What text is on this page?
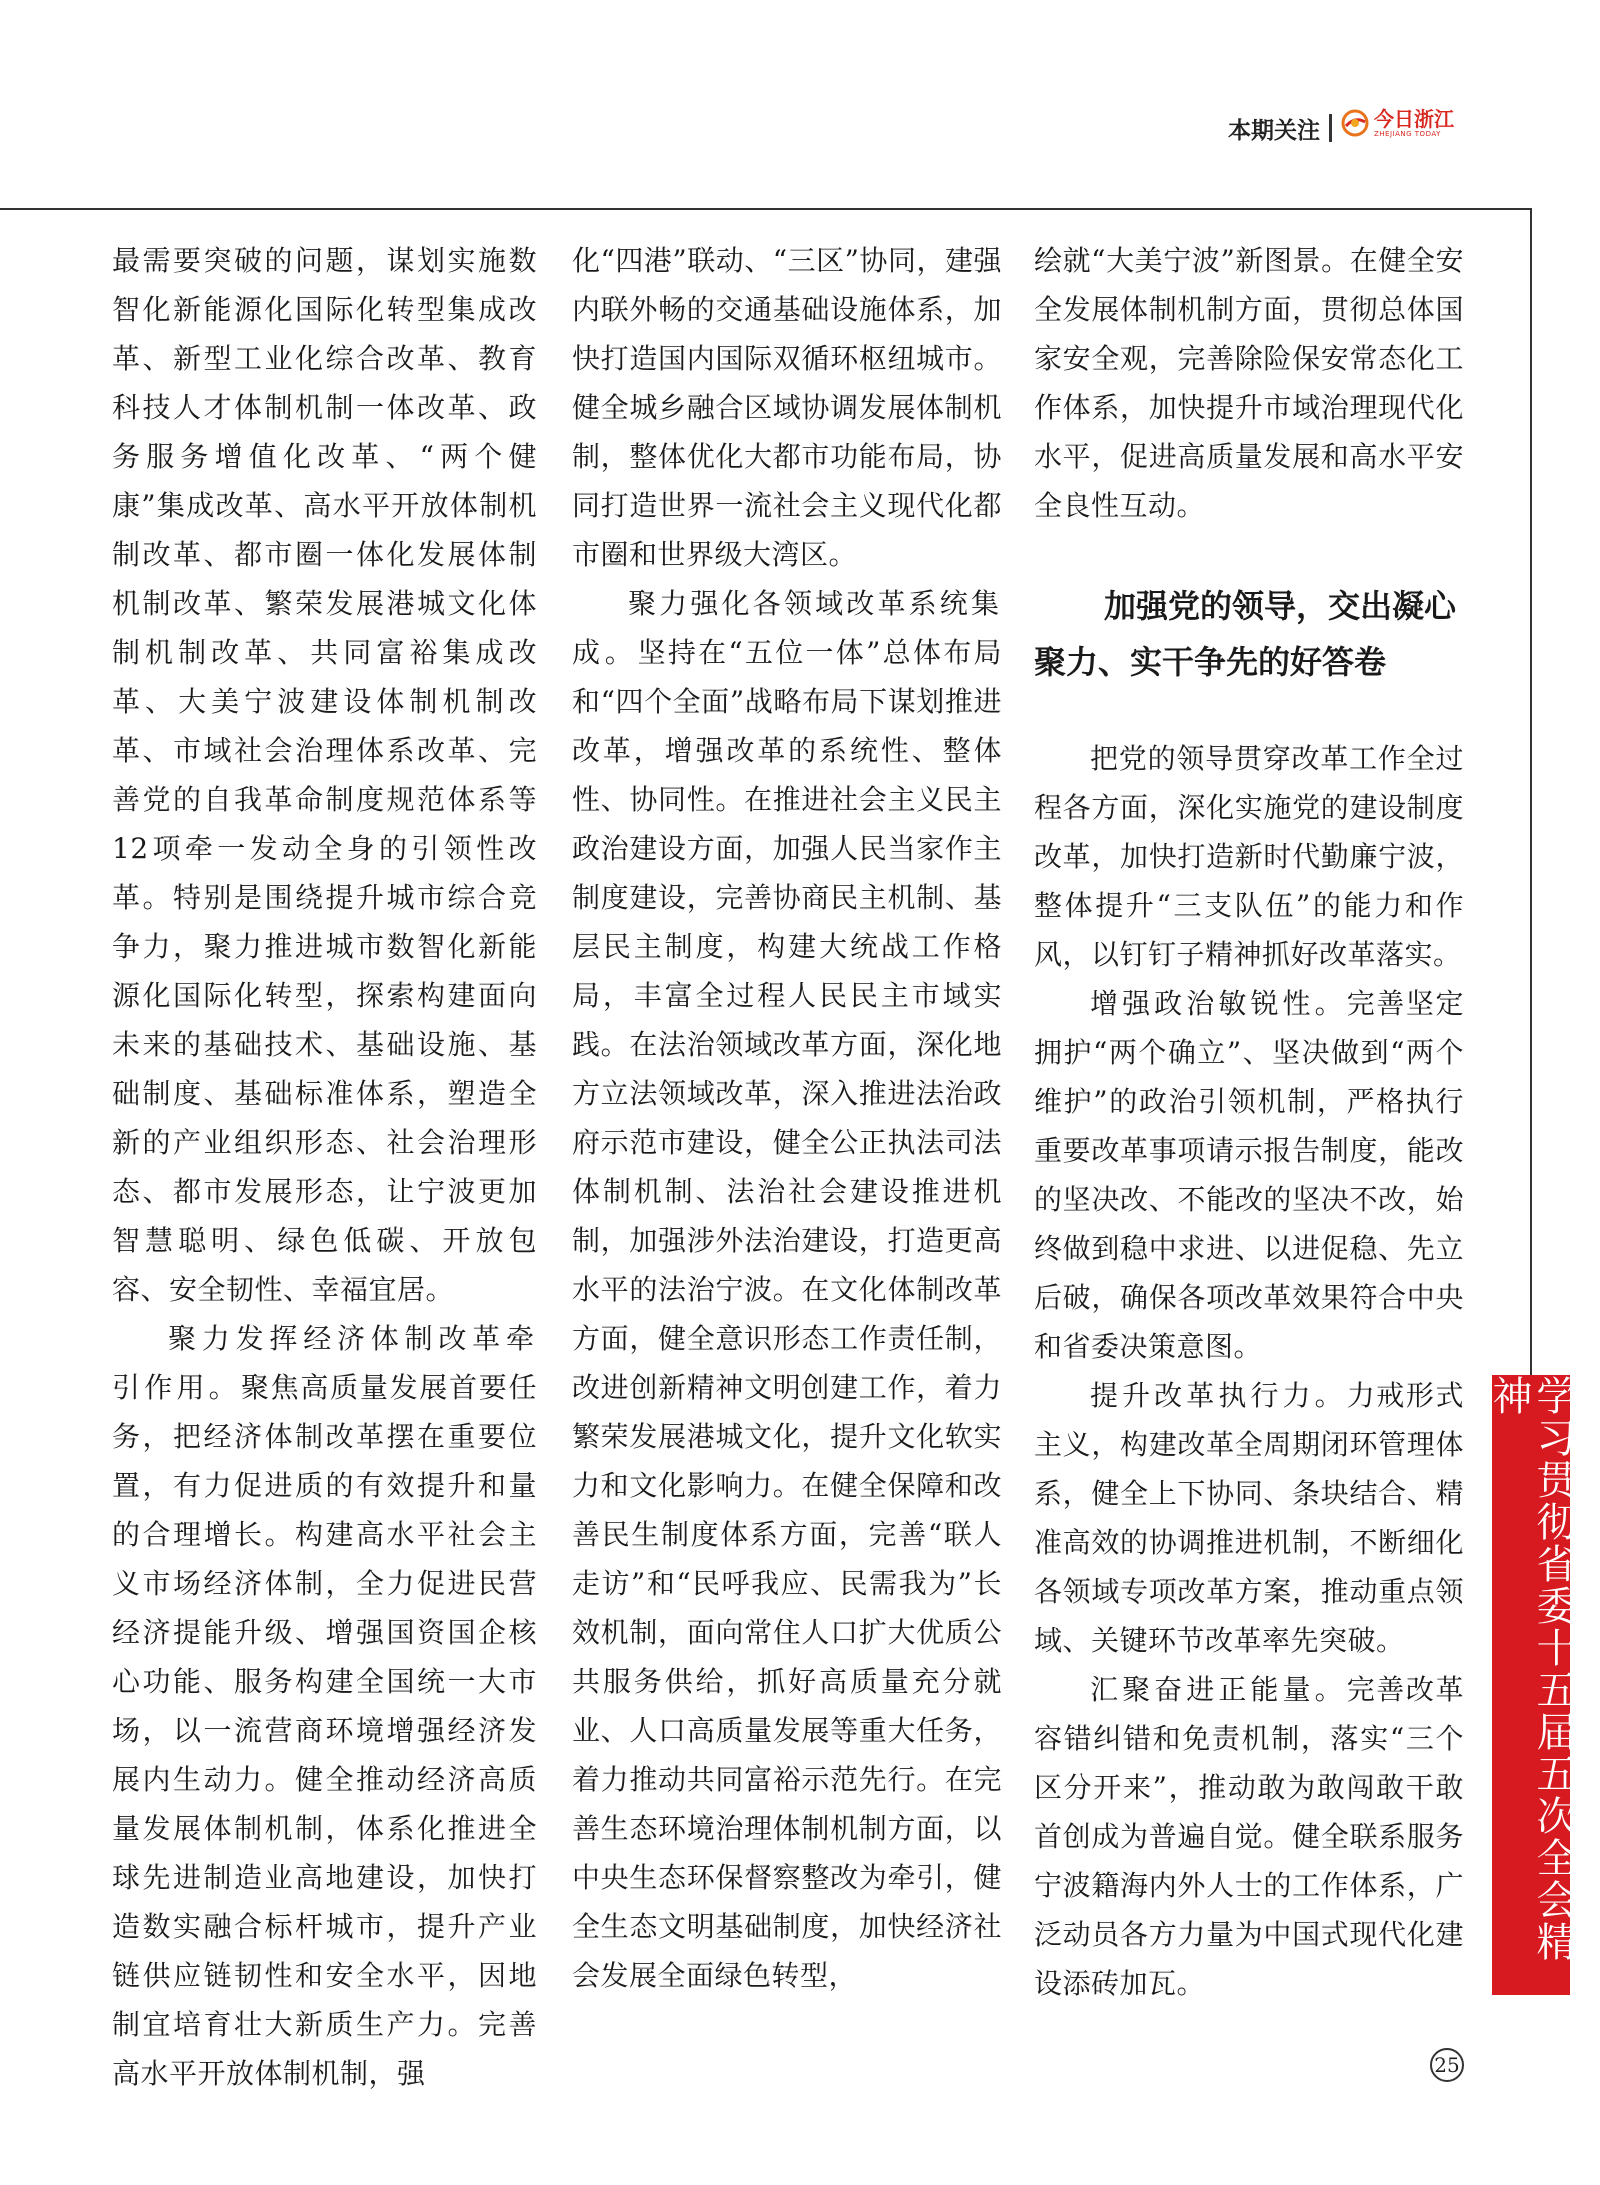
本期关注	今日浙江
ZHEJIANG TODAY

最需要突破的问题，谋划实施数智化新能源化国际化转型集成改革、新型工业化综合改革、教育科技人才体制机制一体改革、政务服务增值化改革、“两个健康”集成改革、高水平开放体制机制改革、都市圈一体化发展体制机制改革、繁荣发展港城文化体制机制改革、共同富裕集成改革、大美宁波建设体制机制改革、市域社会治理体系改革、完善党的自我革命制度规范体系等12项牵一发动全身的引领性改革。特别是围绕提升城市综合竞争力，聚力推进城市数智化新能源化国际化转型，探索构建面向未来的基础技术、基础设施、基础制度、基础标准体系，塑造全新的产业组织形态、社会治理形态、都市发展形态，让宁波更加智慧聪明、绿色低碳、开放包容、安全韧性、幸福宜居。

聚力发挥经济体制改革牵引作用。聚焦高质量发展首要任务，把经济体制改革摆在重要位置，有力促进质的有效提升和量的合理增长。构建高水平社会主义市场经济体制，全力促进民营经济提能升级、增强国资国企核心功能、服务构建全国统一大市场，以一流营商环境增强经济发展内生动力。健全推动经济高质量发展体制机制，体系化推进全球先进制造业高地建设，加快打造数实融合标杆城市，提升产业链供应链韧性和安全水平，因地制宜培育壮大新质生产力。完善高水平开放体制机制，强

化“四港”联动、“三区”协同，建强内联外畅的交通基础设施体系，加快打造国内国际双循环枢纽城市。健全城乡融合区域协调发展体制机制，整体优化大都市功能布局，协同打造世界一流社会主义现代化都市圈和世界级大湾区。

聚力强化各领域改革系统集成。坚持在“五位一体”总体布局和“四个全面”战略布局下谋划推进改革，增强改革的系统性、整体性、协同性。在推进社会主义民主政治建设方面，加强人民当家作主制度建设，完善协商民主机制、基层民主制度，构建大统战工作格局，丰富全过程人民民主市域实践。在法治领域改革方面，深化地方立法领域改革，深入推进法治政府示范市建设，健全公正执法司法体制机制、法治社会建设推进机制，加强涉外法治建设，打造更高水平的法治宁波。在文化体制改革方面，健全意识形态工作责任制，改进创新精神文明创建工作，着力繁荣发展港城文化，提升文化软实力和文化影响力。在健全保障和改善民生制度体系方面，完善“联人走访”和“民呼我应、民需我为”长效机制，面向常住人口扩大优质公共服务供给，抓好高质量充分就业、人口高质量发展等重大任务，着力推动共同富裕示范先行。在完善生态环境治理体制机制方面，以中央生态环保督察整改为牵引，健全生态文明基础制度，加快经济社会发展全面绿色转型，

绘就“大美宁波”新图景。在健全安全发展体制机制方面，贯彻总体国家安全观，完善除险保安常态化工作体系，加快提升市域治理现代化水平，促进高质量发展和高水平安全良性互动。

加强党的领导，交出凝心
聚力、实干争先的好答卷

把党的领导贯穿改革工作全过程各方面，深化实施党的建设制度改革，加快打造新时代勤廉宁波，整体提升“三支队伍”的能力和作风，以钉钉子精神抓好改革落实。

增强政治敏锐性。完善坚定拥护“两个确立”、坚决做到“两个维护”的政治引领机制，严格执行重要改革事项请示报告制度，能改的坚决改、不能改的坚决不改，始终做到稳中求进、以进促稳、先立后破，确保各项改革效果符合中央和省委决策意图。

提升改革执行力。力戒形式主义，构建改革全周期闭环管理体系，健全上下协同、条块结合、精准高效的协调推进机制，不断细化各领域专项改革方案，推动重点领域、关键环节改革率先突破。

汇聚奋进正能量。完善改革容错纠错和免责机制，落实“三个区分开来”，推动敢为敢闯敢干敢首创成为普遍自觉。健全联系服务宁波籍海内外人士的工作体系，广泛动员各方力量为中国式现代化建设添砖加瓦。

学习贯彻省委十五届五次全会精神
25
